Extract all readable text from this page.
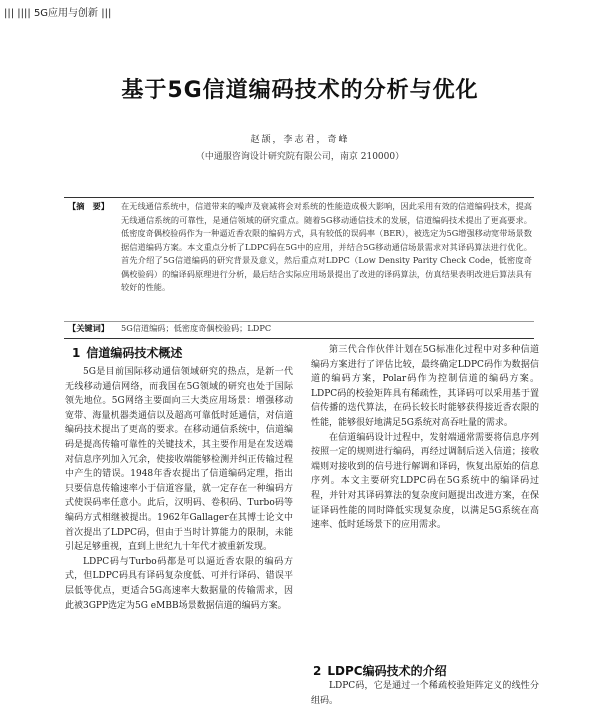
||| |||| 5G应用与创新 |||
基于5G信道编码技术的分析与优化
赵颉，李志君，奇峰
（中通服咨询设计研究院有限公司，南京 210000）
【摘　要】 在无线通信系统中，信道带来的噪声及衰减将会对系统的性能造成极大影响，因此采用有效的信道编码技术，提高无线通信系统的可靠性，是通信领域的研究重点。随着5G移动通信技术的发展，信道编码技术提出了更高要求。低密度奇偶校验码作为一种逼近香农限的编码方式，具有较低的误码率（BER），被选定为5G增强移动宽带场景数据信道编码方案。本文重点分析了LDPC码在5G中的应用，并结合5G移动通信场景需求对其译码算法进行优化。首先介绍了5G信道编码的研究背景及意义，然后重点对LDPC（Low Density Parity Check Code，低密度奇偶校验码）的编译码原理进行分析，最后结合实际应用场景提出了改进的译码算法，仿真结果表明改进后算法具有较好的性能。
【关键词】 5G信道编码；低密度奇偶校验码；LDPC
1 信道编码技术概述

5G是目前国际移动通信领域研究的热点，是新一代无线移动通信网络，而我国在5G领域的研究也处于国际领先地位。5G网络主要面向三大类应用场景：增强移动宽带、海量机器类通信以及超高可靠低时延通信，对信道编码技术提出了更高的要求。在移动通信系统中，信道编码是提高传输可靠性的关键技术，其主要作用是在发送端对信息序列加入冗余，使接收端能够检测并纠正传输过程中产生的错误。1948年香农提出了信道编码定理，指出只要信息传输速率小于信道容量，就一定存在一种编码方式使误码率任意小。此后，汉明码、卷积码、Turbo码等编码方式相继被提出。1962年Gallager在其博士论文中首次提出了LDPC码，但由于当时计算能力的限制，未能引起足够重视，直到上世纪九十年代才被重新发现。

LDPC码与Turbo码都是可以逼近香农限的编码方式，但LDPC码具有译码复杂度低、可并行译码、错误平层低等优点，更适合5G高速率大数据量的传输需求，因此被3GPP选定为5G eMBB场景数据信道的编码方案。

第三代合作伙伴计划在5G标准化过程中对多种信道编码方案进行了评估比较，最终确定LDPC码作为数据信道的编码方案，Polar码作为控制信道的编码方案。LDPC码的校验矩阵具有稀疏性，其译码可以采用基于置信传播的迭代算法，在码长较长时能够获得接近香农限的性能，能够很好地满足5G系统对高吞吐量的需求。

在信道编码设计过程中，发射端通常需要将信息序列按照一定的规则进行编码，再经过调制后送入信道；接收端则对接收到的信号进行解调和译码，恢复出原始的信息序列。本文主要研究LDPC码在5G系统中的编译码过程，并针对其译码算法的复杂度问题提出改进方案，在保证译码性能的同时降低实现复杂度，以满足5G系统在高速率、低时延场景下的应用需求。

2 LDPC编码技术的介绍

LDPC码，它是通过一个稀疏校验矩阵定义的线性分组码。
